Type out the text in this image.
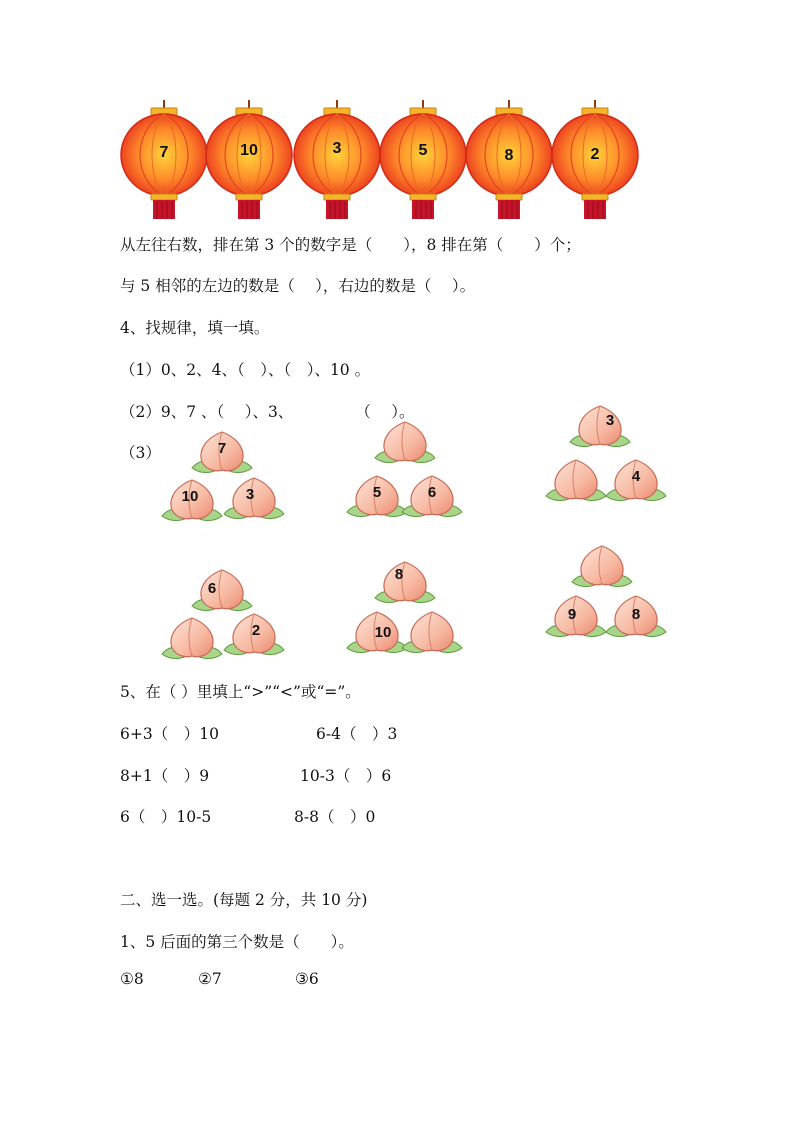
7	10	3	5	8	2
从左往右数，排在第 3 个的数字是（　　），8 排在第（　　）个；
与 5 相邻的左边的数是（　 ），右边的数是（　 ）。
4、找规律，填一填。
（1）0、2、4、（　）、（　）、10 。
（2）9、7 、（　 ）、3、　　　　　（　 ）。
（3）	7
10	3	5	6
3
4
6
2
8
10
9	8
5、在（ ）里填上“>”“<”或“=”。
6+3（　）10	6-4（　）3
8+1（　）9	10-3（　）6
6（　）10-5	8-8（　）0
二、选一选。(每题 2 分，共 10 分)
1、5 后面的第三个数是（　　）。
①8	②7	③6
